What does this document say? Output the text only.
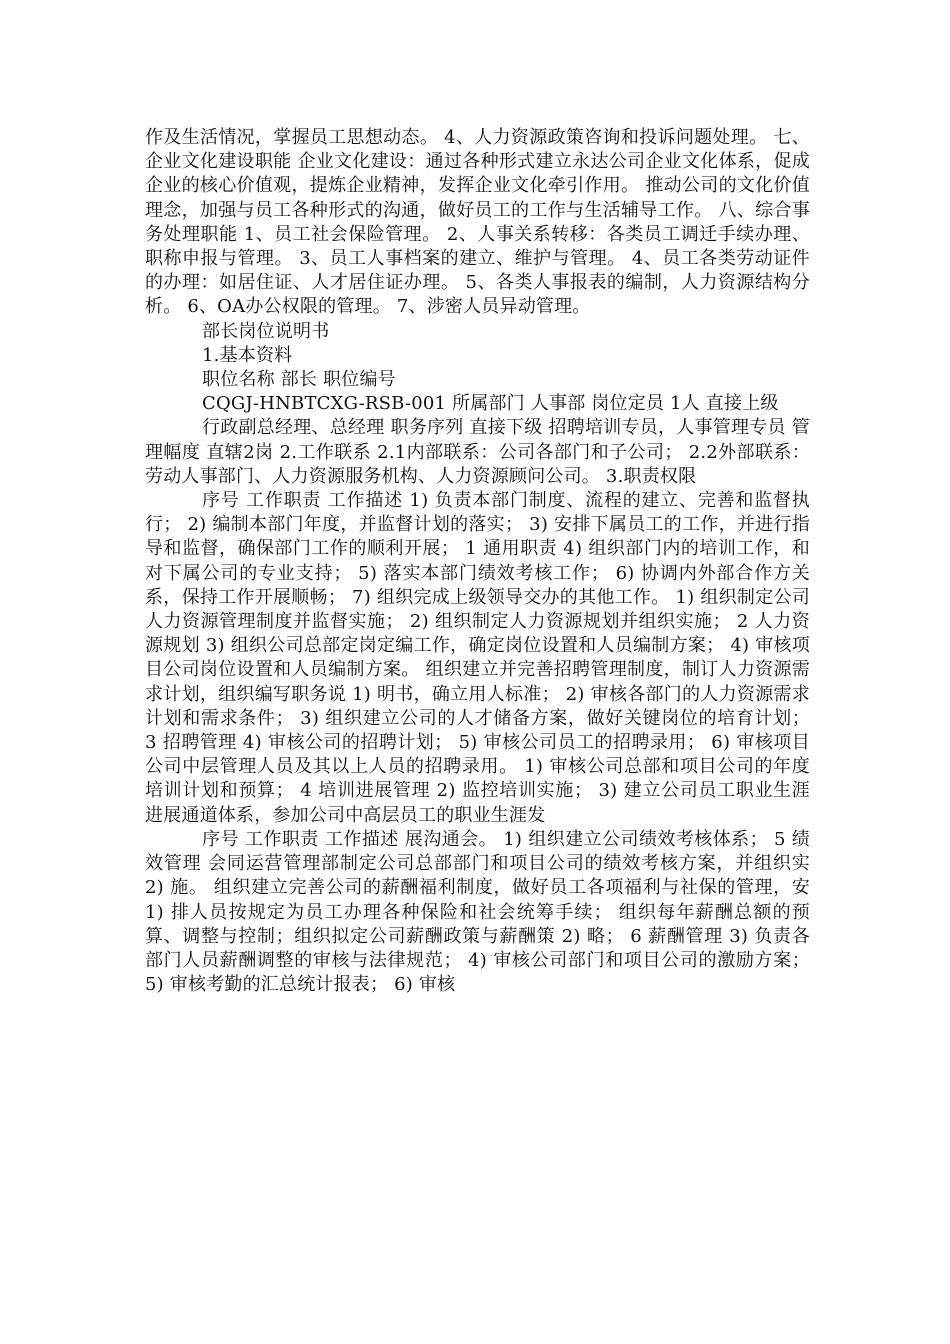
作及生活情况，掌握员工思想动态。 4、人力资源政策咨询和投诉问题处理。 七、企业文化建设职能 企业文化建设：通过各种形式建立永达公司企业文化体系，促成企业的核心价值观，提炼企业精神，发挥企业文化牵引作用。 推动公司的文化价值理念，加强与员工各种形式的沟通，做好员工的工作与生活辅导工作。 八、综合事务处理职能 1、员工社会保险管理。 2、人事关系转移：各类员工调迁手续办理、职称申报与管理。 3、员工人事档案的建立、维护与管理。 4、员工各类劳动证件的办理：如居住证、人才居住证办理。 5、各类人事报表的编制，人力资源结构分析。 6、OA办公权限的管理。 7、涉密人员异动管理。

部长岗位说明书

1.基本资料

职位名称 部长 职位编号

CQGJ-HNBTCXG-RSB-001 所属部门 人事部 岗位定员 1人 直接上级

行政副总经理、总经理 职务序列 直接下级 招聘培训专员，人事管理专员 管理幅度 直辖2岗 2.工作联系 2.1内部联系：公司各部门和子公司； 2.2外部联系：劳动人事部门、人力资源服务机构、人力资源顾问公司。 3.职责权限

序号 工作职责 工作描述 1) 负责本部门制度、流程的建立、完善和监督执行； 2) 编制本部门年度，并监督计划的落实； 3) 安排下属员工的工作，并进行指导和监督，确保部门工作的顺利开展； 1 通用职责 4) 组织部门内的培训工作，和对下属公司的专业支持； 5) 落实本部门绩效考核工作； 6) 协调内外部合作方关系，保持工作开展顺畅； 7) 组织完成上级领导交办的其他工作。 1) 组织制定公司人力资源管理制度并监督实施； 2) 组织制定人力资源规划并组织实施； 2 人力资源规划 3) 组织公司总部定岗定编工作，确定岗位设置和人员编制方案； 4) 审核项目公司岗位设置和人员编制方案。 组织建立并完善招聘管理制度，制订人力资源需求计划，组织编写职务说 1) 明书，确立用人标准； 2) 审核各部门的人力资源需求计划和需求条件； 3) 组织建立公司的人才储备方案，做好关键岗位的培育计划； 3 招聘管理 4) 审核公司的招聘计划； 5) 审核公司员工的招聘录用； 6) 审核项目公司中层管理人员及其以上人员的招聘录用。 1) 审核公司总部和项目公司的年度培训计划和预算； 4 培训进展管理 2) 监控培训实施； 3) 建立公司员工职业生涯进展通道体系，参加公司中高层员工的职业生涯发

序号 工作职责 工作描述 展沟通会。 1) 组织建立公司绩效考核体系； 5 绩效管理 会同运营管理部制定公司总部部门和项目公司的绩效考核方案，并组织实 2) 施。 组织建立完善公司的薪酬福利制度，做好员工各项福利与社保的管理，安 1) 排人员按规定为员工办理各种保险和社会统筹手续； 组织每年薪酬总额的预算、调整与控制；组织拟定公司薪酬政策与薪酬策 2) 略； 6 薪酬管理 3) 负责各部门人员薪酬调整的审核与法律规范； 4) 审核公司部门和项目公司的激励方案； 5) 审核考勤的汇总统计报表； 6) 审核
